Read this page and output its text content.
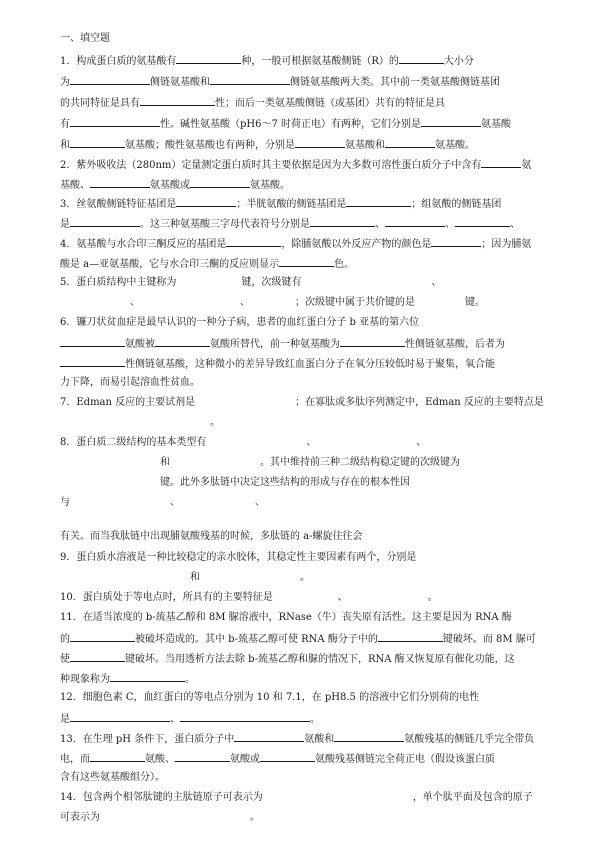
一、填空题
1．构成蛋白质的氨基酸有	种，一般可根据氨基酸侧链（R）的	大小分
为	侧链氨基酸和	侧链氨基酸两大类。其中前一类氨基酸侧链基团
的共同特征是具有	性；而后一类氨基酸侧链（或基团）共有的特征是具
有	性。碱性氨基酸（pH6～7 时荷正电）有两种，它们分别是	氨基酸
和	氨基酸；酸性氨基酸也有两种，分别是	氨基酸和	氨基酸。
2．紫外吸收法（280nm）定量测定蛋白质时其主要依据是因为大多数可溶性蛋白质分子中含有	氨
基酸、	氨基酸或	氨基酸。
3．丝氨酸侧链特征基团是	；半胱氨酸的侧链基团是	；组氨酸的侧链基团
是	。这三种氨基酸三字母代表符号分别是	、	、	、
4．氨基酸与水合印三酮反应的基团是	，除脯氨酸以外反应产物的颜色是	；因为脯氨
酸是 a—亚氨基酸，它与水合印三酮的反应则显示	色。
5．蛋白质结构中主键称为	键，次级键有	、
、	、	；次级键中属于共价键的是	键。
6．镰刀状贫血症是最早认识的一种分子病，患者的血红蛋白分子 b 亚基的第六位
氨酸被	氨酸所替代，前一种氨基酸为	性侧链氨基酸，后者为
性侧链氨基酸，这种微小的差异导致红血蛋白分子在氧分压较低时易于聚集，氧合能
力下降，而易引起溶血性贫血。
7．Edman 反应的主要试剂是	；在寡肽或多肽序列测定中，Edman 反应的主要特点是
。
8．蛋白质二级结构的基本类型有	、	、
和	。其中维持前三种二级结构稳定键的次级键为
键。此外多肽链中决定这些结构的形成与存在的根本性因
与	、	、
有关。而当我肽链中出现脯氨酸残基的时候，多肽链的 a-螺旋往往会
9．蛋白质水溶液是一种比较稳定的亲水胶体，其稳定性主要因素有两个，分别是
和	。
10．蛋白质处于等电点时，所具有的主要特征是	、	。
11．在适当浓度的 b-巯基乙醇和 8M 脲溶液中，RNase（牛）丧失原有活性。这主要是因为 RNA 酶
的	被破坏造成的。其中 b-巯基乙醇可使 RNA 酶分子中的	键破坏。而 8M 脲可
使	键破坏。当用透析方法去除 b-巯基乙醇和脲的情况下，RNA 酶又恢复原有催化功能，这
种现象称为	。
12．细胞色素 C，血红蛋白的等电点分别为 10 和 7.1，在 pH8.5 的溶液中它们分别荷的电性
是	、	。
13．在生理 pH 条件下，蛋白质分子中	氨酸和	氨酸残基的侧链几乎完全带负
电，而	氨酸、	氨酸或	氨酸残基侧链完全荷正电（假设该蛋白质
含有这些氨基酸组分）。
14．包含两个相邻肽键的主肽链原子可表示为	，单个肽平面及包含的原子
可表示为	。
